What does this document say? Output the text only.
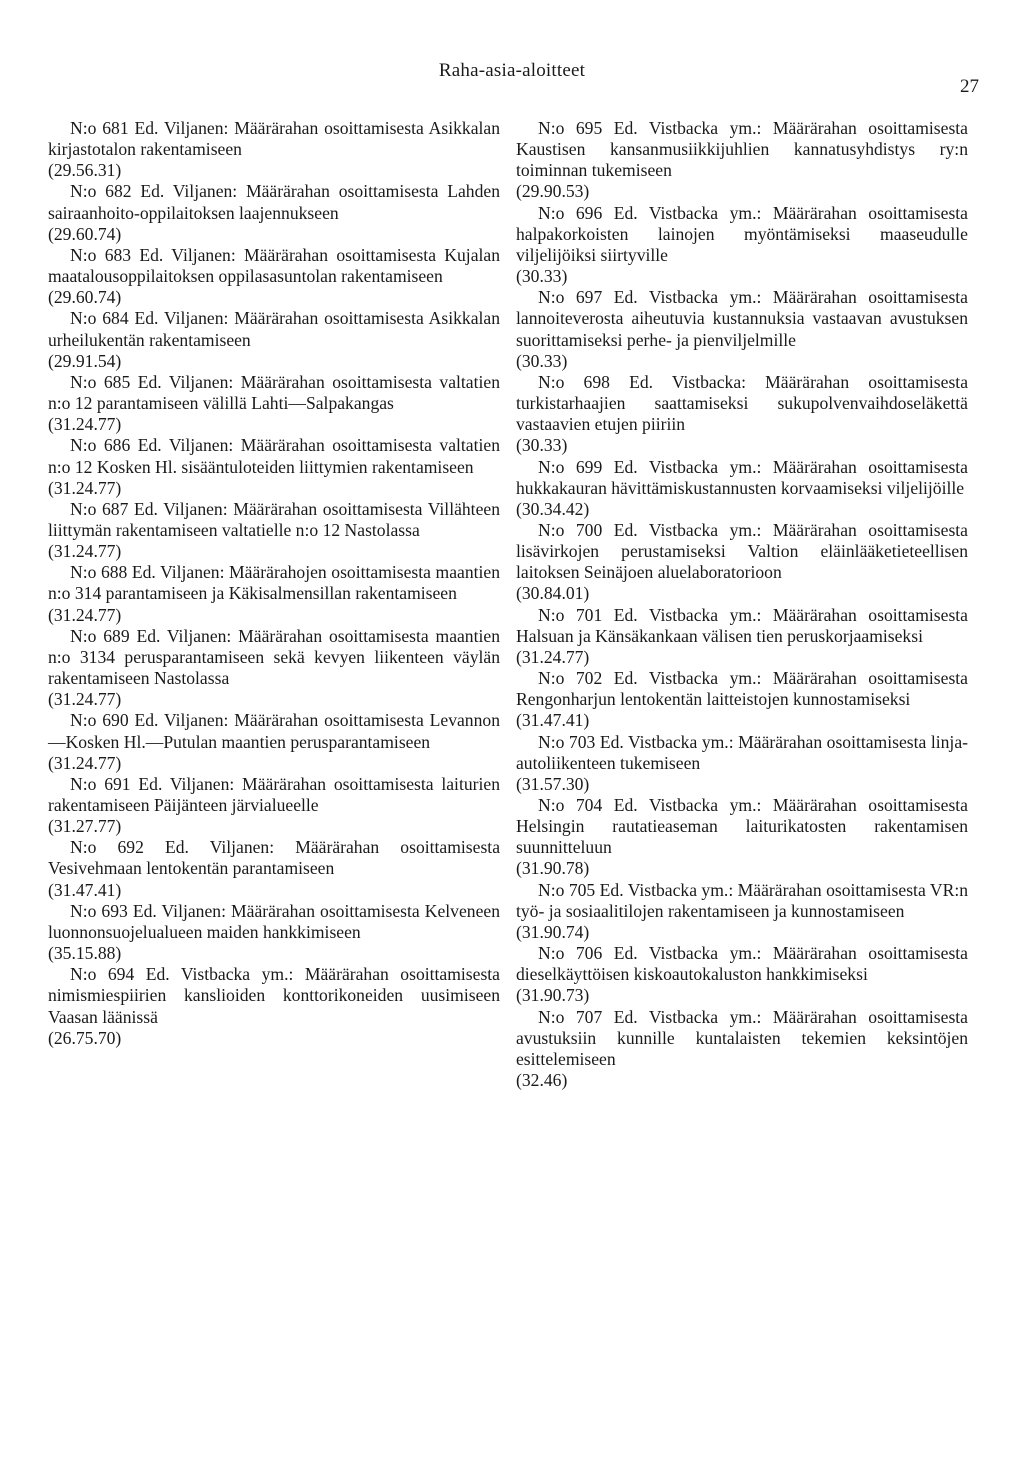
Raha-asia-aloitteet
27

N:o 681 Ed. Viljanen: Määrärahan osoittamisesta Asikkalan kirjastotalon rakentamiseen

(29.56.31)

N:o 682 Ed. Viljanen: Määrärahan osoittamisesta Lahden sairaanhoito-oppilaitoksen laajennukseen

(29.60.74)

N:o 683 Ed. Viljanen: Määrärahan osoittamisesta Kujalan maatalousoppilaitoksen oppilasasuntolan rakentamiseen

(29.60.74)

N:o 684 Ed. Viljanen: Määrärahan osoittamisesta Asikkalan urheilukentän rakentamiseen

(29.91.54)

N:o 685 Ed. Viljanen: Määrärahan osoittamisesta valtatien n:o 12 parantamiseen välillä Lahti—Salpakangas

(31.24.77)

N:o 686 Ed. Viljanen: Määrärahan osoittamisesta valtatien n:o 12 Kosken Hl. sisääntuloteiden liittymien rakentamiseen

(31.24.77)

N:o 687 Ed. Viljanen: Määrärahan osoittamisesta Villähteen liittymän rakentamiseen valtatielle n:o 12 Nastolassa

(31.24.77)

N:o 688 Ed. Viljanen: Määrärahojen osoittamisesta maantien n:o 314 parantamiseen ja Käkisalmensillan rakentamiseen

(31.24.77)

N:o 689 Ed. Viljanen: Määrärahan osoittamisesta maantien n:o 3134 perusparantamiseen sekä kevyen liikenteen väylän rakentamiseen Nastolassa

(31.24.77)

N:o 690 Ed. Viljanen: Määrärahan osoittamisesta Levannon—Kosken Hl.—Putulan maantien perusparantamiseen

(31.24.77)

N:o 691 Ed. Viljanen: Määrärahan osoittamisesta laiturien rakentamiseen Päijänteen järvialueelle

(31.27.77)

N:o 692 Ed. Viljanen: Määrärahan osoittamisesta Vesivehmaan lentokentän parantamiseen

(31.47.41)

N:o 693 Ed. Viljanen: Määrärahan osoittamisesta Kelveneen luonnonsuojelualueen maiden hankkimiseen

(35.15.88)

N:o 694 Ed. Vistbacka ym.: Määrärahan osoittamisesta nimismiespiirien kanslioiden konttorikoneiden uusimiseen Vaasan läänissä

(26.75.70)

N:o 695 Ed. Vistbacka ym.: Määrärahan osoittamisesta Kaustisen kansanmusiikkijuhlien kannatusyhdistys ry:n toiminnan tukemiseen

(29.90.53)

N:o 696 Ed. Vistbacka ym.: Määrärahan osoittamisesta halpakorkoisten lainojen myöntämiseksi maaseudulle viljelijöiksi siirtyville

(30.33)

N:o 697 Ed. Vistbacka ym.: Määrärahan osoittamisesta lannoiteverosta aiheutuvia kustannuksia vastaavan avustuksen suorittamiseksi perhe- ja pienviljelmille

(30.33)

N:o 698 Ed. Vistbacka: Määrärahan osoittamisesta turkistarhaajien saattamiseksi sukupolvenvaihdoseläkettä vastaavien etujen piiriin

(30.33)

N:o 699 Ed. Vistbacka ym.: Määrärahan osoittamisesta hukkakauran hävittämiskustannusten korvaamiseksi viljelijöille

(30.34.42)

N:o 700 Ed. Vistbacka ym.: Määrärahan osoittamisesta lisävirkojen perustamiseksi Valtion eläinlääketieteellisen laitoksen Seinäjoen aluelaboratorioon

(30.84.01)

N:o 701 Ed. Vistbacka ym.: Määrärahan osoittamisesta Halsuan ja Känsäkankaan välisen tien peruskorjaamiseksi

(31.24.77)

N:o 702 Ed. Vistbacka ym.: Määrärahan osoittamisesta Rengonharjun lentokentän laitteistojen kunnostamiseksi

(31.47.41)

N:o 703 Ed. Vistbacka ym.: Määrärahan osoittamisesta linja-autoliikenteen tukemiseen

(31.57.30)

N:o 704 Ed. Vistbacka ym.: Määrärahan osoittamisesta Helsingin rautatieaseman laiturikatosten rakentamisen suunnitteluun

(31.90.78)

N:o 705 Ed. Vistbacka ym.: Määrärahan osoittamisesta VR:n työ- ja sosiaalitilojen rakentamiseen ja kunnostamiseen

(31.90.74)

N:o 706 Ed. Vistbacka ym.: Määrärahan osoittamisesta dieselkäyttöisen kiskoautokaluston hankkimiseksi

(31.90.73)

N:o 707 Ed. Vistbacka ym.: Määrärahan osoittamisesta avustuksiin kunnille kuntalaisten tekemien keksintöjen esittelemiseen

(32.46)
